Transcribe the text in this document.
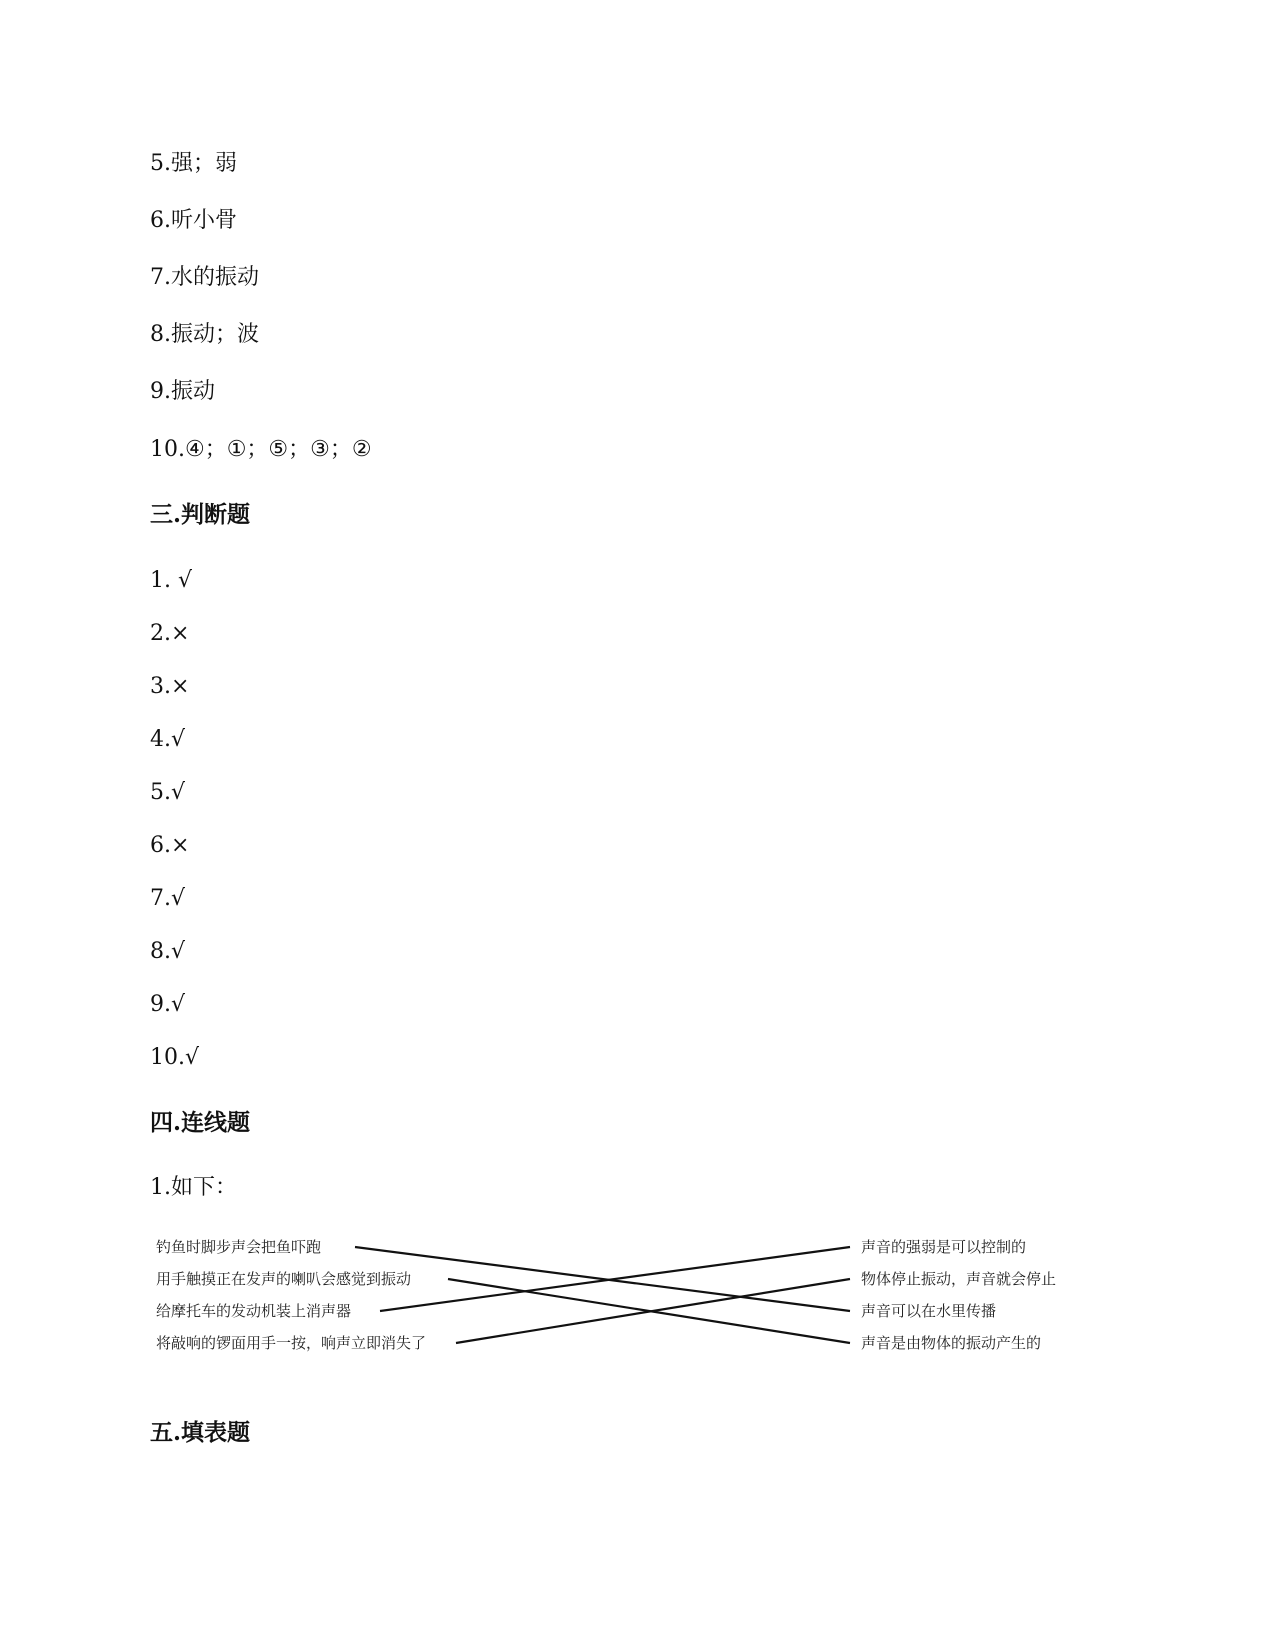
5.强；弱
6.听小骨
7.水的振动
8.振动；波
9.振动
10.④；①；⑤；③；②
三.判断题
1. √
2.×
3.×
4.√
5.√
6.×
7.√
8.√
9.√
10.√
四.连线题
1.如下：
钓鱼时脚步声会把鱼吓跑
用手触摸正在发声的喇叭会感觉到振动
给摩托车的发动机装上消声器
将敲响的锣面用手一按，响声立即消失了
声音的强弱是可以控制的
物体停止振动，声音就会停止
声音可以在水里传播
声音是由物体的振动产生的
五.填表题
